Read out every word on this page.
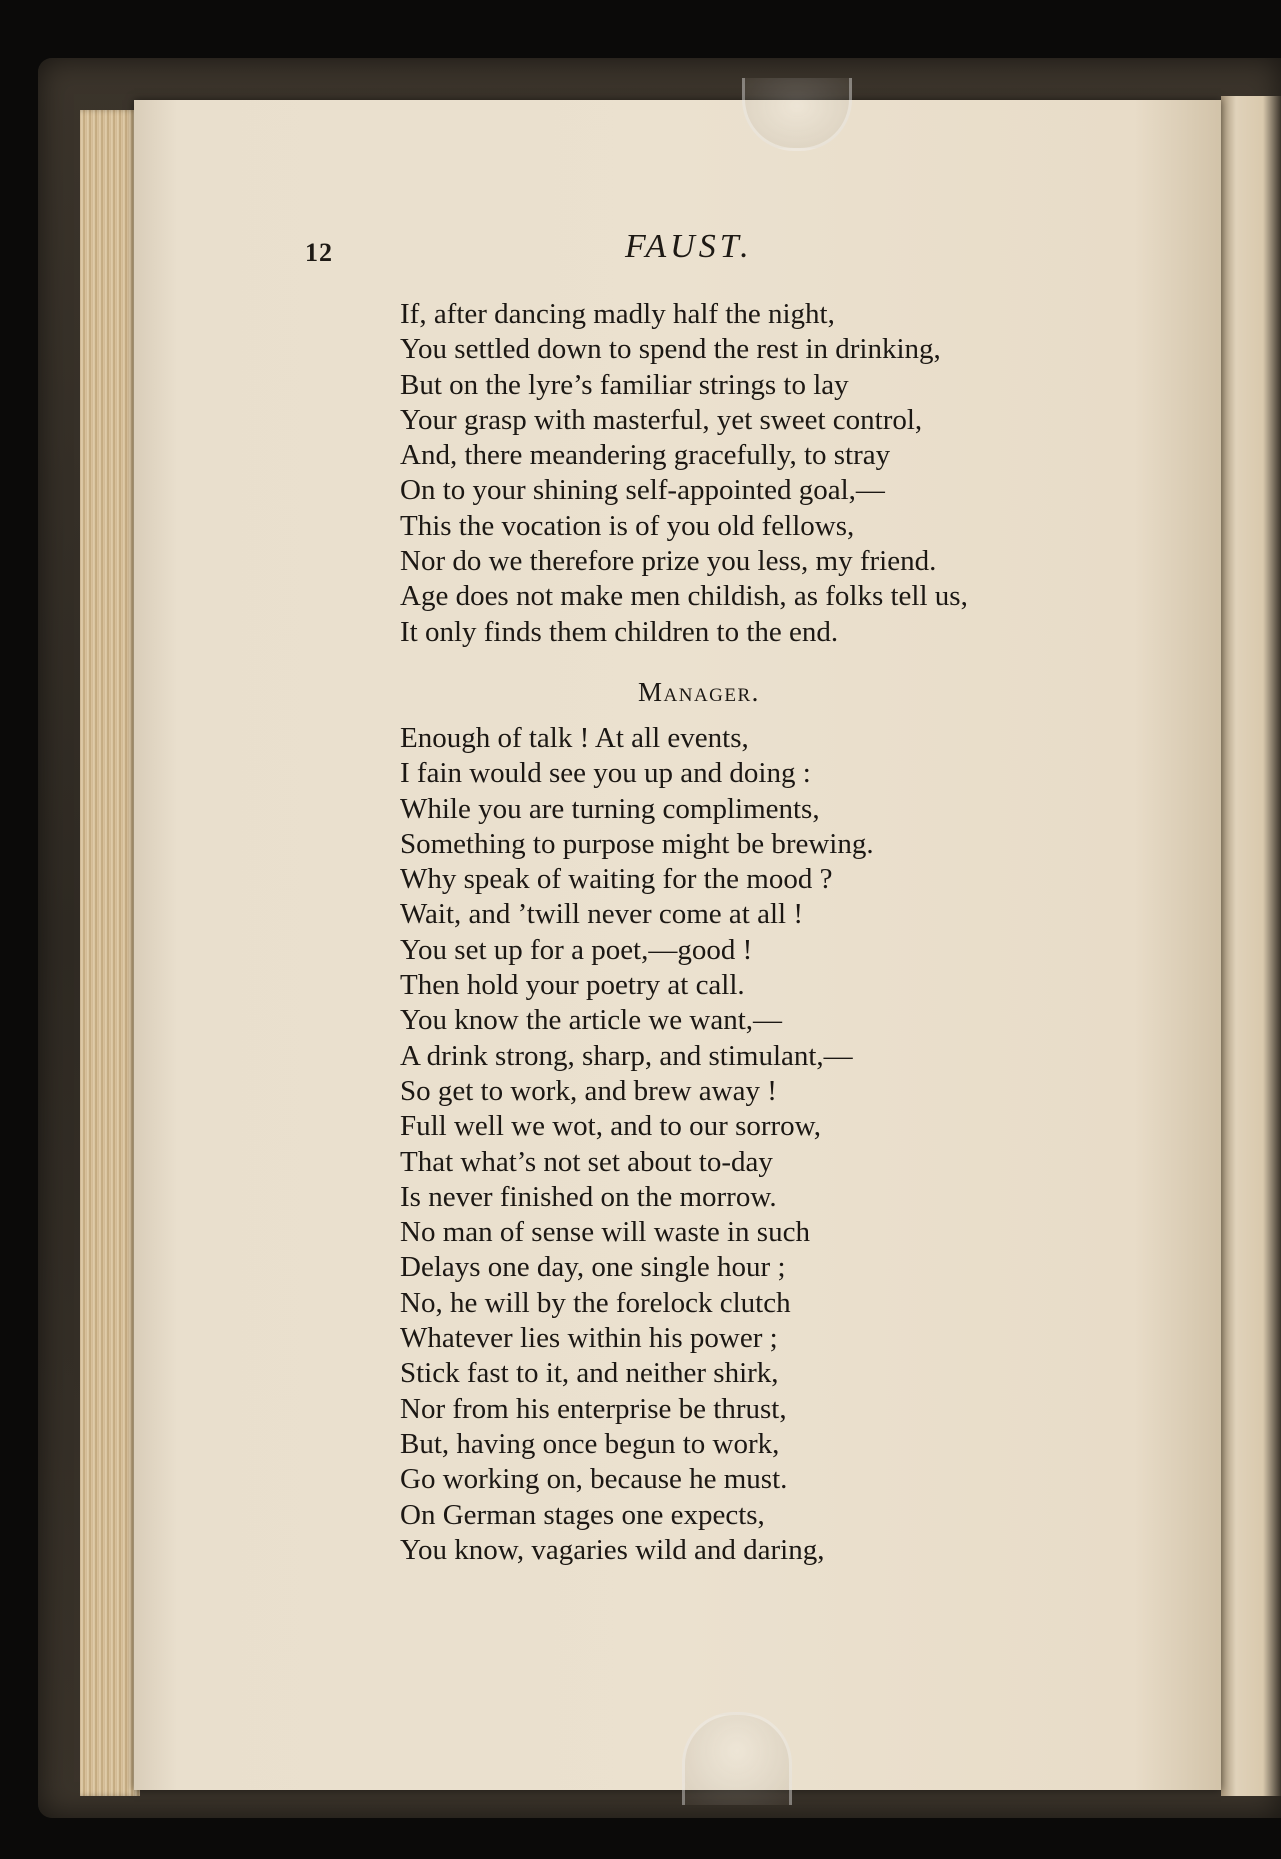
12	FAUST.
If, after dancing madly half the night,
You settled down to spend the rest in drinking,
But on the lyre’s familiar strings to lay
Your grasp with masterful, yet sweet control,
And, there meandering gracefully, to stray
On to your shining self-appointed goal,—
This the vocation is of you old fellows,
Nor do we therefore prize you less, my friend.
Age does not make men childish, as folks tell us,
It only finds them children to the end.
Manager.
Enough of talk ! At all events,
I fain would see you up and doing :
While you are turning compliments,
Something to purpose might be brewing.
Why speak of waiting for the mood ?
Wait, and ’twill never come at all !
You set up for a poet,—good !
Then hold your poetry at call.
You know the article we want,—
A drink strong, sharp, and stimulant,—
So get to work, and brew away !
Full well we wot, and to our sorrow,
That what’s not set about to-day
Is never finished on the morrow.
No man of sense will waste in such
Delays one day, one single hour ;
No, he will by the forelock clutch
Whatever lies within his power ;
Stick fast to it, and neither shirk,
Nor from his enterprise be thrust,
But, having once begun to work,
Go working on, because he must.
On German stages one expects,
You know, vagaries wild and daring,
